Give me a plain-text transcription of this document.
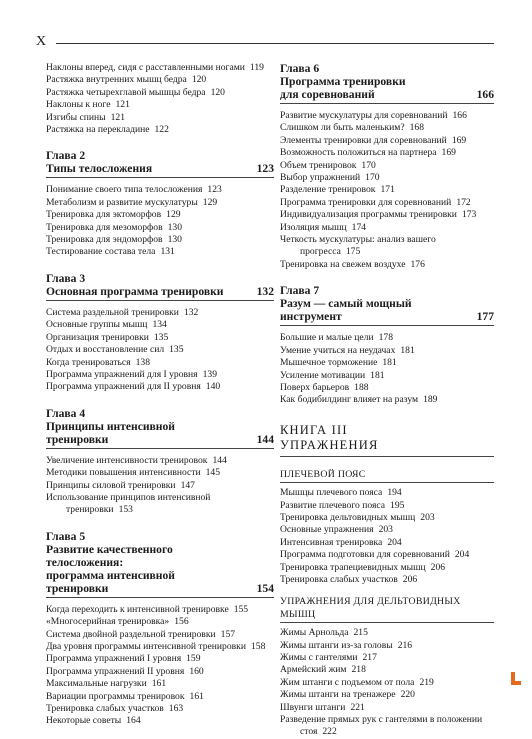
X
Наклоны вперед, сидя с расставленными ногами 119
Растяжка внутренних мышц бедра 120
Растяжка четырехглавой мышцы бедра 120
Наклоны к ноге 121
Изгибы спины 121
Растяжка на перекладине 122
Глава 2
Типы телосложения	123
Понимание своего типа телосложения 123
Метаболизм и развитие мускулатуры 129
Тренировка для эктоморфов 129
Тренировка для мезоморфов 130
Тренировка для эндоморфов 130
Тестирование состава тела 131
Глава 3
Основная программа тренировки	132
Система раздельной тренировки 132
Основные группы мышц 134
Организация тренировки 135
Отдых и восстановление сил 135
Когда тренироваться 138
Программа упражнений для I уровня 139
Программа упражнений для II уровня 140
Глава 4
Принципы интенсивной
тренировки	144
Увеличение интенсивности тренировок 144
Методики повышения интенсивности 145
Принципы силовой тренировки 147
Использование принципов интенсивной тренировки 153
Глава 5
Развитие качественного телосложения:
программа интенсивной
тренировки	154
Когда переходить к интенсивной тренировке 155
«Многосерийная тренировка» 156
Система двойной раздельной тренировки 157
Два уровня программы интенсивной тренировки 158
Программа упражнений I уровня 159
Программа упражнений II уровня 160
Максимальные нагрузки 161
Вариации программы тренировок 161
Тренировка слабых участков 163
Некоторые советы 164
Глава 6
Программа тренировки
для соревнований	166
Развитие мускулатуры для соревнований 166
Слишком ли быть маленьким? 168
Элементы тренировки для соревнований 169
Возможность положиться на партнера 169
Объем тренировок 170
Выбор упражнений 170
Разделение тренировок 171
Программа тренировки для соревнований 172
Индивидуализация программы тренировки 173
Изоляция мышц 174
Четкость мускулатуры: анализ вашего прогресса 175
Тренировка на свежем воздухе 176
Глава 7
Разум — самый мощный
инструмент	177
Большие и малые цели 178
Умение учиться на неудачах 181
Мышечное торможение 181
Усиление мотивации 181
Поверх барьеров 188
Как бодибилдинг влияет на разум 189
КНИГА III
УПРАЖНЕНИЯ
ПЛЕЧЕВОЙ ПОЯС
Мышцы плечевого пояса 194
Развитие плечевого пояса 195
Тренировка дельтовидных мышц 203
Основные упражнения 203
Интенсивная тренировка 204
Программа подготовки для соревнований 204
Тренировка трапециевидных мышц 206
Тренировка слабых участков 206
УПРАЖНЕНИЯ ДЛЯ ДЕЛЬТОВИДНЫХ МЫШЦ
Жимы Арнольда 215
Жимы штанги из-за головы 216
Жимы с гантелями 217
Армейский жим 218
Жим штанги с подъемом от пола 219
Жимы штанги на тренажере 220
Швунги штанги 221
Разведение прямых рук с гантелями в положении стоя 222
